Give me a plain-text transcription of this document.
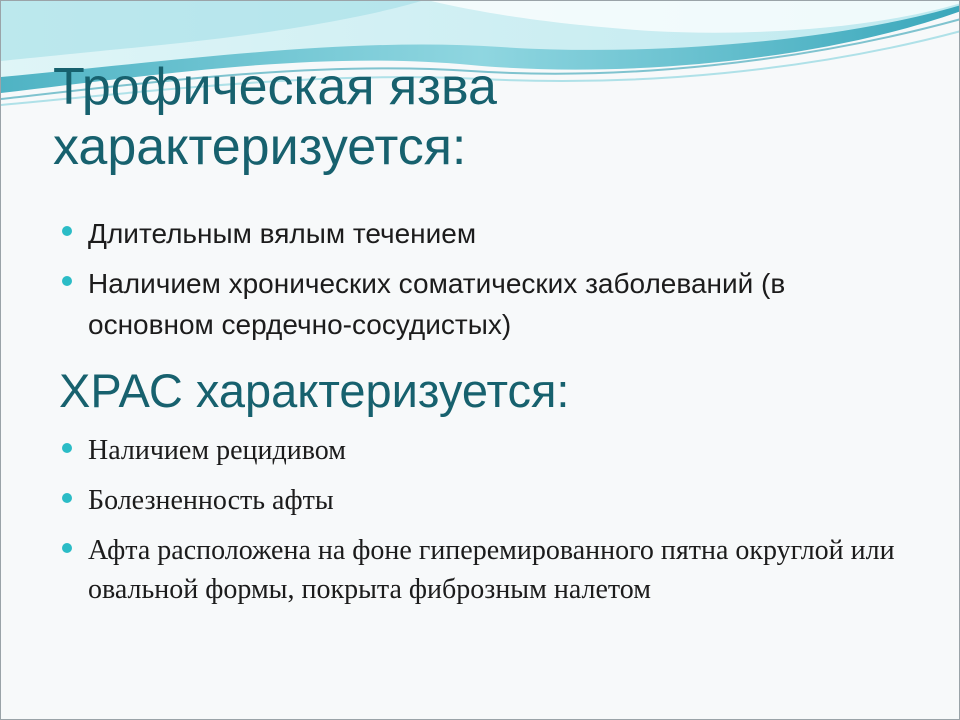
Трофическая язва характеризуется:
Длительным вялым течением
Наличием хронических соматических заболеваний (в основном сердечно-сосудистых)
ХРАС характеризуется:
Наличием рецидивом
Болезненность афты
Афта расположена на фоне гиперемированного пятна округлой или овальной формы, покрыта фиброзным налетом
